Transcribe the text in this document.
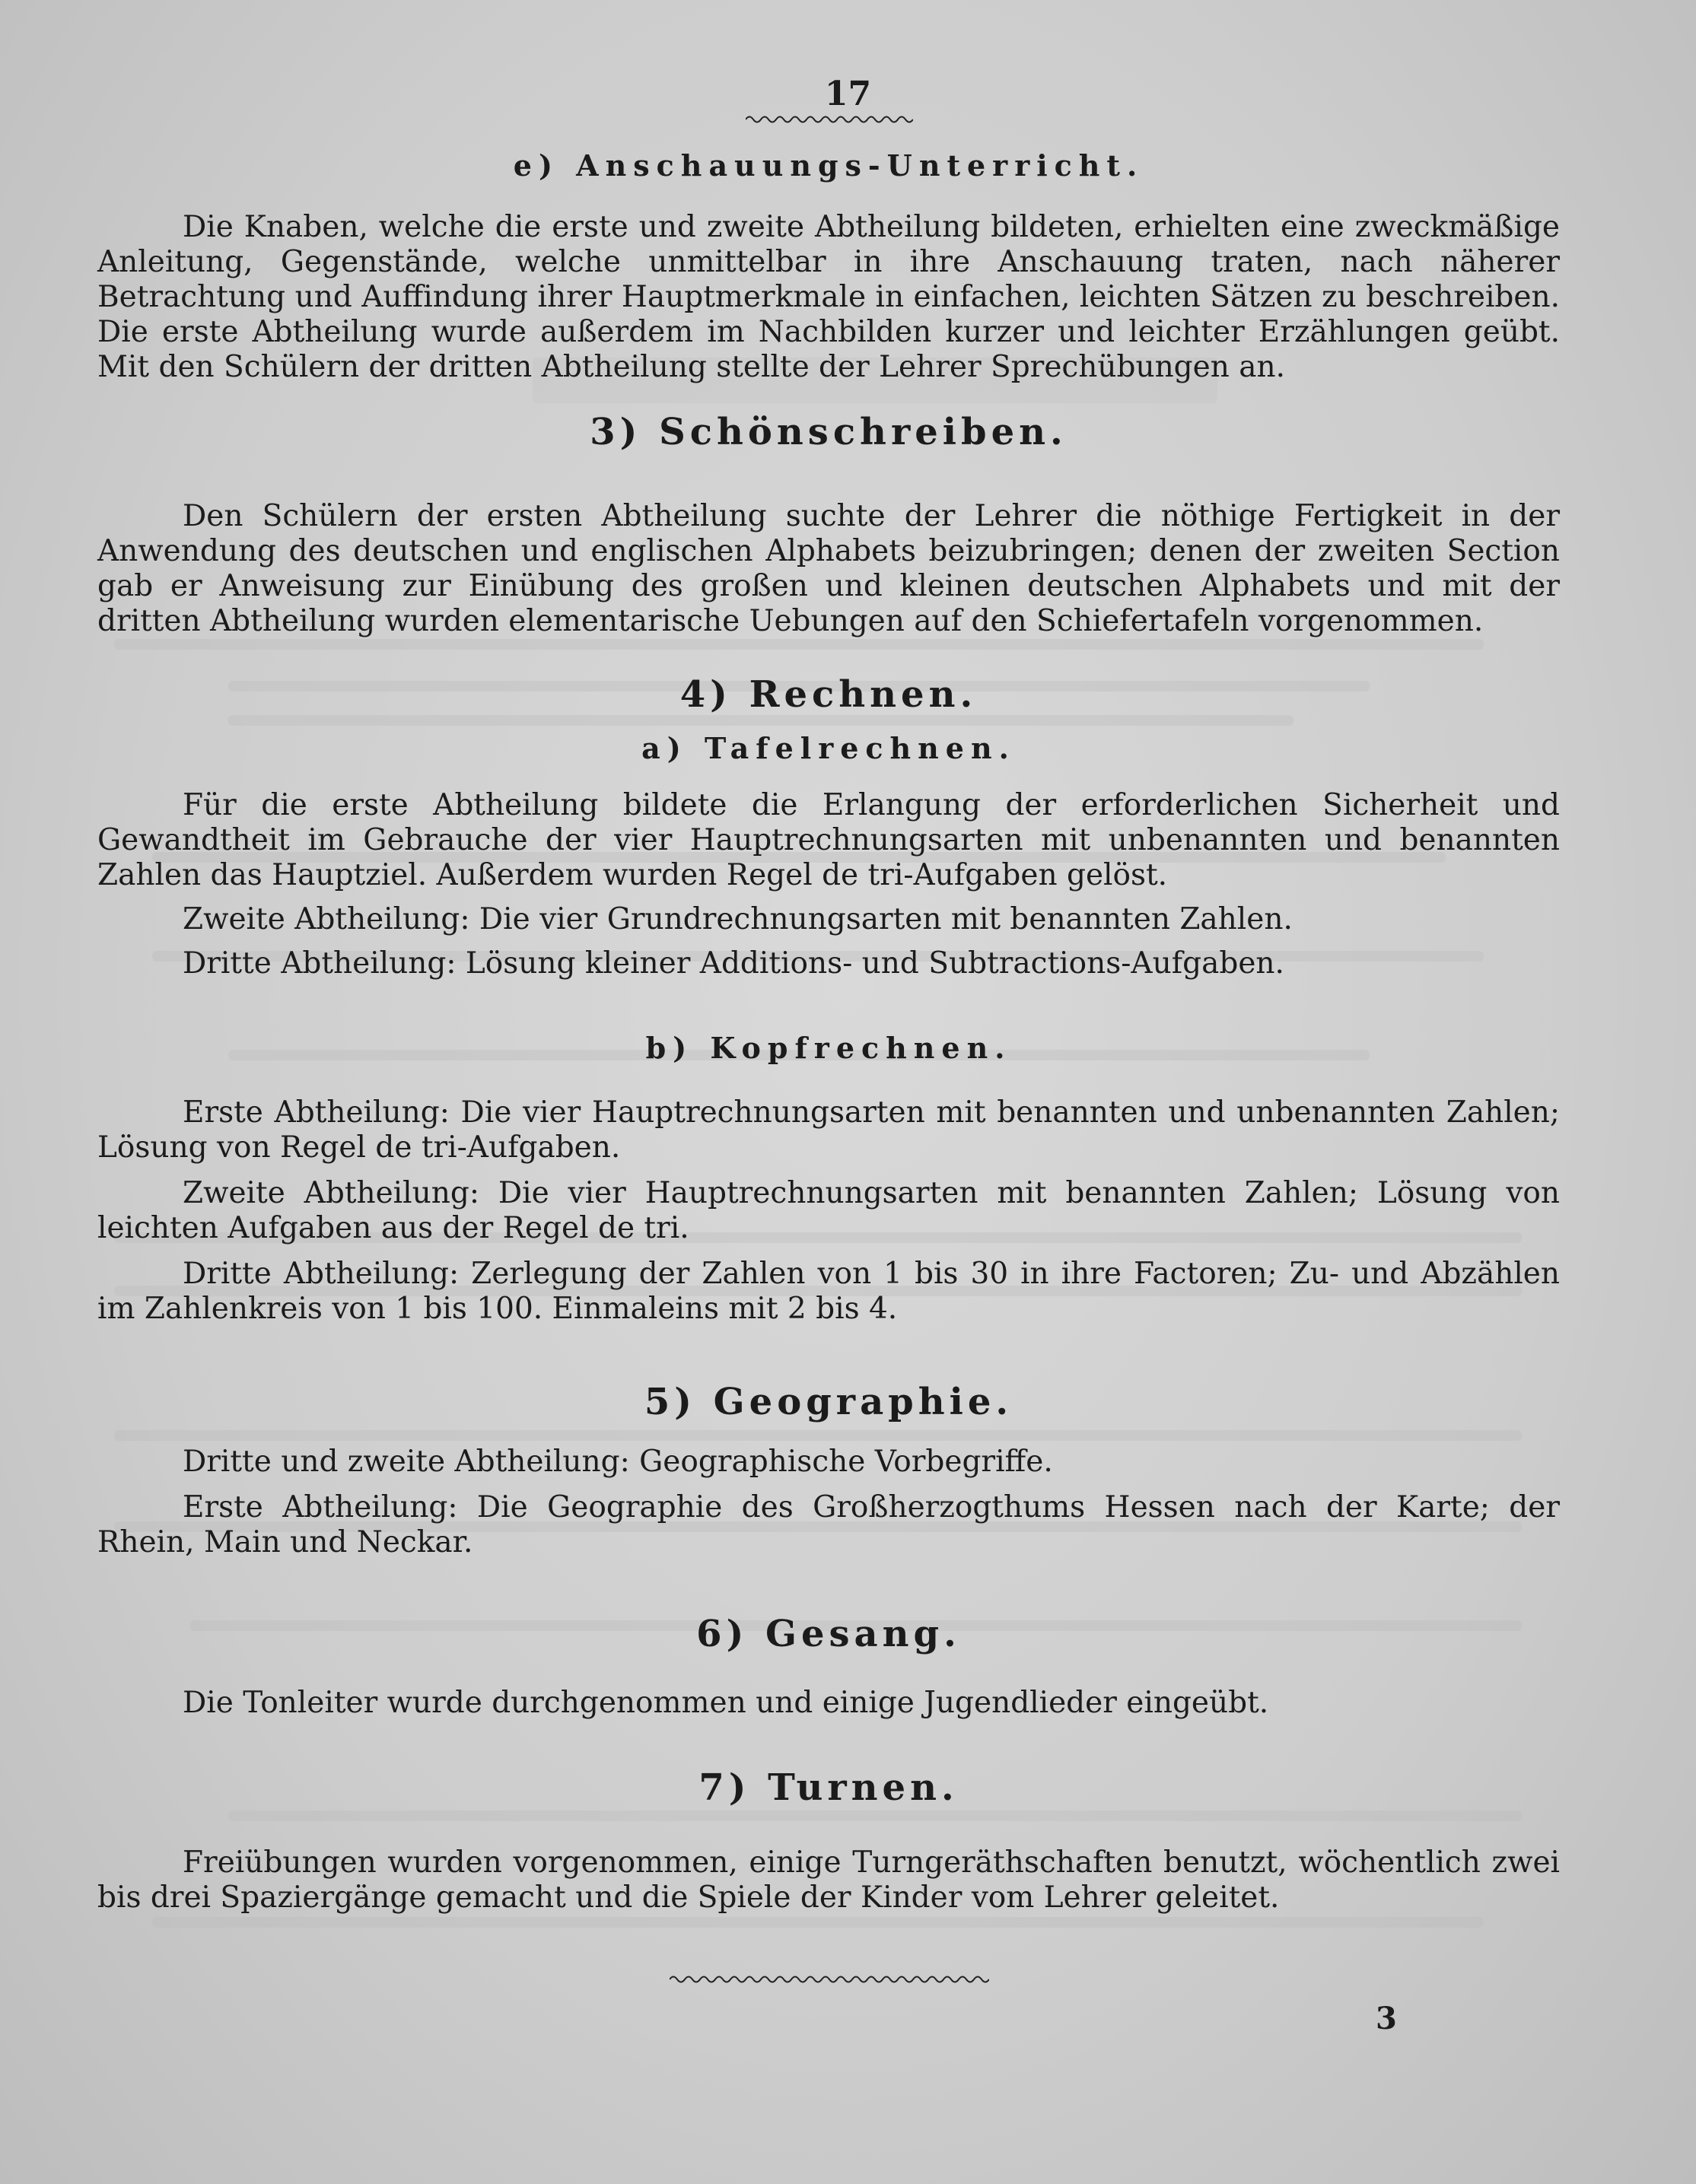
17
e) Anschauungs-Unterricht.

Die Knaben, welche die erste und zweite Abtheilung bildeten, erhielten eine zweckmäßige Anleitung, Gegenstände, welche unmittelbar in ihre Anschauung traten, nach näherer Betrachtung und Auffindung ihrer Hauptmerkmale in einfachen, leichten Sätzen zu beschreiben. Die erste Abtheilung wurde außerdem im Nachbilden kurzer und leichter Erzählungen geübt. Mit den Schülern der dritten Abtheilung stellte der Lehrer Sprechübungen an.

3) Schönschreiben.

Den Schülern der ersten Abtheilung suchte der Lehrer die nöthige Fertigkeit in der Anwendung des deutschen und englischen Alphabets beizubringen; denen der zweiten Section gab er Anweisung zur Einübung des großen und kleinen deutschen Alphabets und mit der dritten Abtheilung wurden elementarische Uebungen auf den Schiefertafeln vorgenommen.

4) Rechnen.
a) Tafelrechnen.

Für die erste Abtheilung bildete die Erlangung der erforderlichen Sicherheit und Gewandtheit im Gebrauche der vier Hauptrechnungsarten mit unbenannten und benannten Zahlen das Hauptziel. Außerdem wurden Regel de tri-Aufgaben gelöst.

Zweite Abtheilung: Die vier Grundrechnungsarten mit benannten Zahlen.

Dritte Abtheilung: Lösung kleiner Additions- und Subtractions-Aufgaben.

b) Kopfrechnen.

Erste Abtheilung: Die vier Hauptrechnungsarten mit benannten und unbenannten Zahlen; Lösung von Regel de tri-Aufgaben.

Zweite Abtheilung: Die vier Hauptrechnungsarten mit benannten Zahlen; Lösung von leichten Aufgaben aus der Regel de tri.

Dritte Abtheilung: Zerlegung der Zahlen von 1 bis 30 in ihre Factoren; Zu- und Abzählen im Zahlenkreis von 1 bis 100. Einmaleins mit 2 bis 4.

5) Geographie.

Dritte und zweite Abtheilung: Geographische Vorbegriffe.

Erste Abtheilung: Die Geographie des Großherzogthums Hessen nach der Karte; der Rhein, Main und Neckar.

6) Gesang.

Die Tonleiter wurde durchgenommen und einige Jugendlieder eingeübt.

7) Turnen.

Freiübungen wurden vorgenommen, einige Turngeräthschaften benutzt, wöchentlich zwei bis drei Spaziergänge gemacht und die Spiele der Kinder vom Lehrer geleitet.

3
